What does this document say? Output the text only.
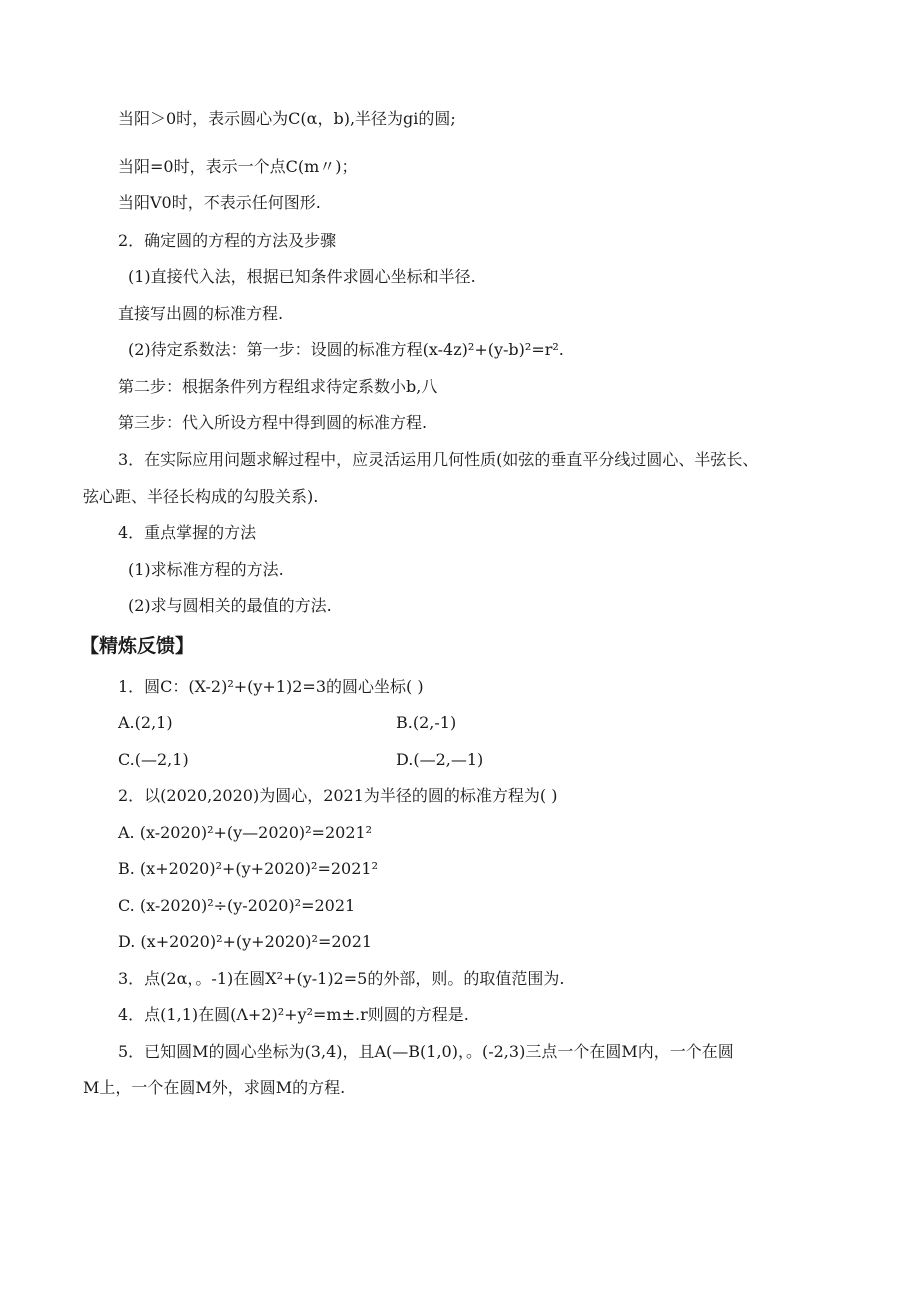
当阳＞0时，表示圆心为C(α，b),半径为gi的圆;
当阳=0时，表示一个点C(m〃)；
当阳V0时，不表示任何图形.
2．确定圆的方程的方法及步骤
(1)直接代入法，根据已知条件求圆心坐标和半径.
直接写出圆的标准方程.
(2)待定系数法：第一步：设圆的标准方程(x-4z)²+(y-b)²=r².
第二步：根据条件列方程组求待定系数小b,八
第三步：代入所设方程中得到圆的标准方程.
3．在实际应用问题求解过程中，应灵活运用几何性质(如弦的垂直平分线过圆心、半弦长、
弦心距、半径长构成的勾股关系).
4．重点掌握的方法
(1)求标准方程的方法.
(2)求与圆相关的最值的方法.
【精炼反馈】
1．圆C：(X-2)²+(y+1)2=3的圆心坐标( )
A.(2,1)	B.(2,-1)
C.(—2,1)	D.(—2,—1)
2．以(2020,2020)为圆心，2021为半径的圆的标准方程为( )
A. (x-2020)²+(y—2020)²=2021²
B. (x+2020)²+(y+2020)²=2021²
C. (x-2020)²÷(y-2020)²=2021
D. (x+2020)²+(y+2020)²=2021
3．点(2α，。-1)在圆X²+(y-1)2=5的外部，则。的取值范围为.
4．点(1,1)在圆(Λ+2)²+y²=m±.r则圆的方程是.
5．已知圆M的圆心坐标为(3,4)，且A(—B(1,0)，。(-2,3)三点一个在圆M内，一个在圆
M上，一个在圆M外，求圆M的方程.
